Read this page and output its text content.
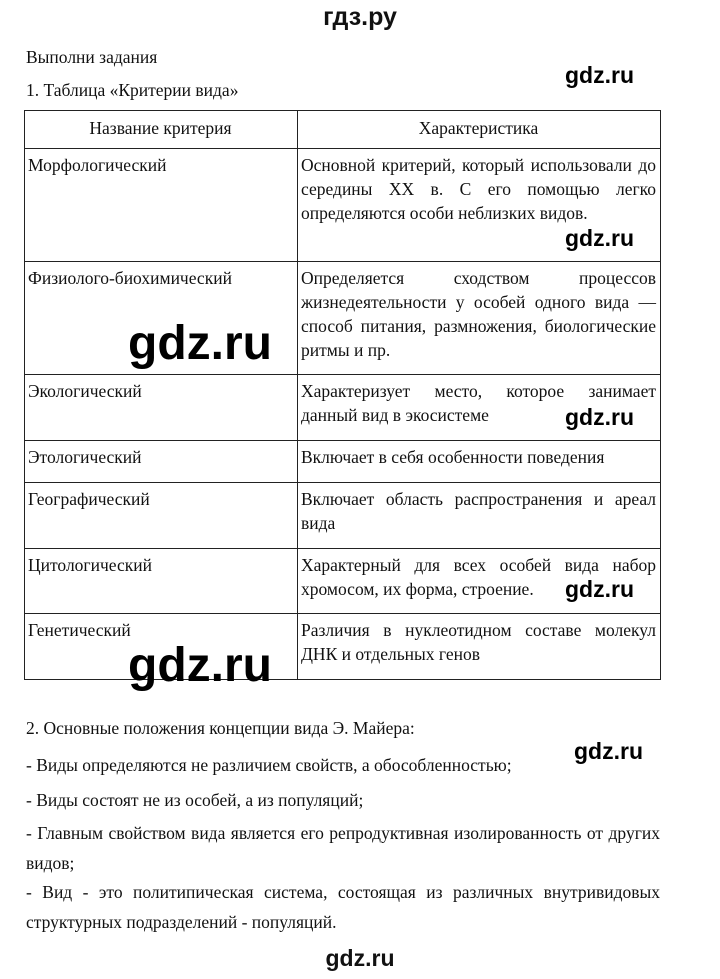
гдз.ру
Выполни задания
1. Таблица «Критерии вида»
Название критерия	Характеристика
Морфологический	Основной критерий, который использовали до середины XX в. С его помощью легко определяются особи неблизких видов.
Физиолого-биохимический	Определяется сходством процессов жизнедеятельности у особей одного вида — способ питания, размножения, биологические ритмы и пр.
Экологический	Характеризует место, которое занимает данный вид в экосистеме
Этологический	Включает в себя особенности поведения
Географический	Включает область распространения и ареал вида
Цитологический	Характерный для всех особей вида набор хромосом, их форма, строение.
Генетический	Различия в нуклеотидном составе молекул ДНК и отдельных генов
2. Основные положения концепции вида Э. Майера:
- Виды определяются не различием свойств, а обособленностью;
- Виды состоят не из особей, а из популяций;
- Главным свойством вида является его репродуктивная изолированность от других видов;
- Вид - это политипическая система, состоящая из различных внутривидовых структурных подразделений - популяций.
gdz.ru
gdz.ru
gdz.ru
gdz.ru
gdz.ru
gdz.ru
gdz.ru
gdz.ru
